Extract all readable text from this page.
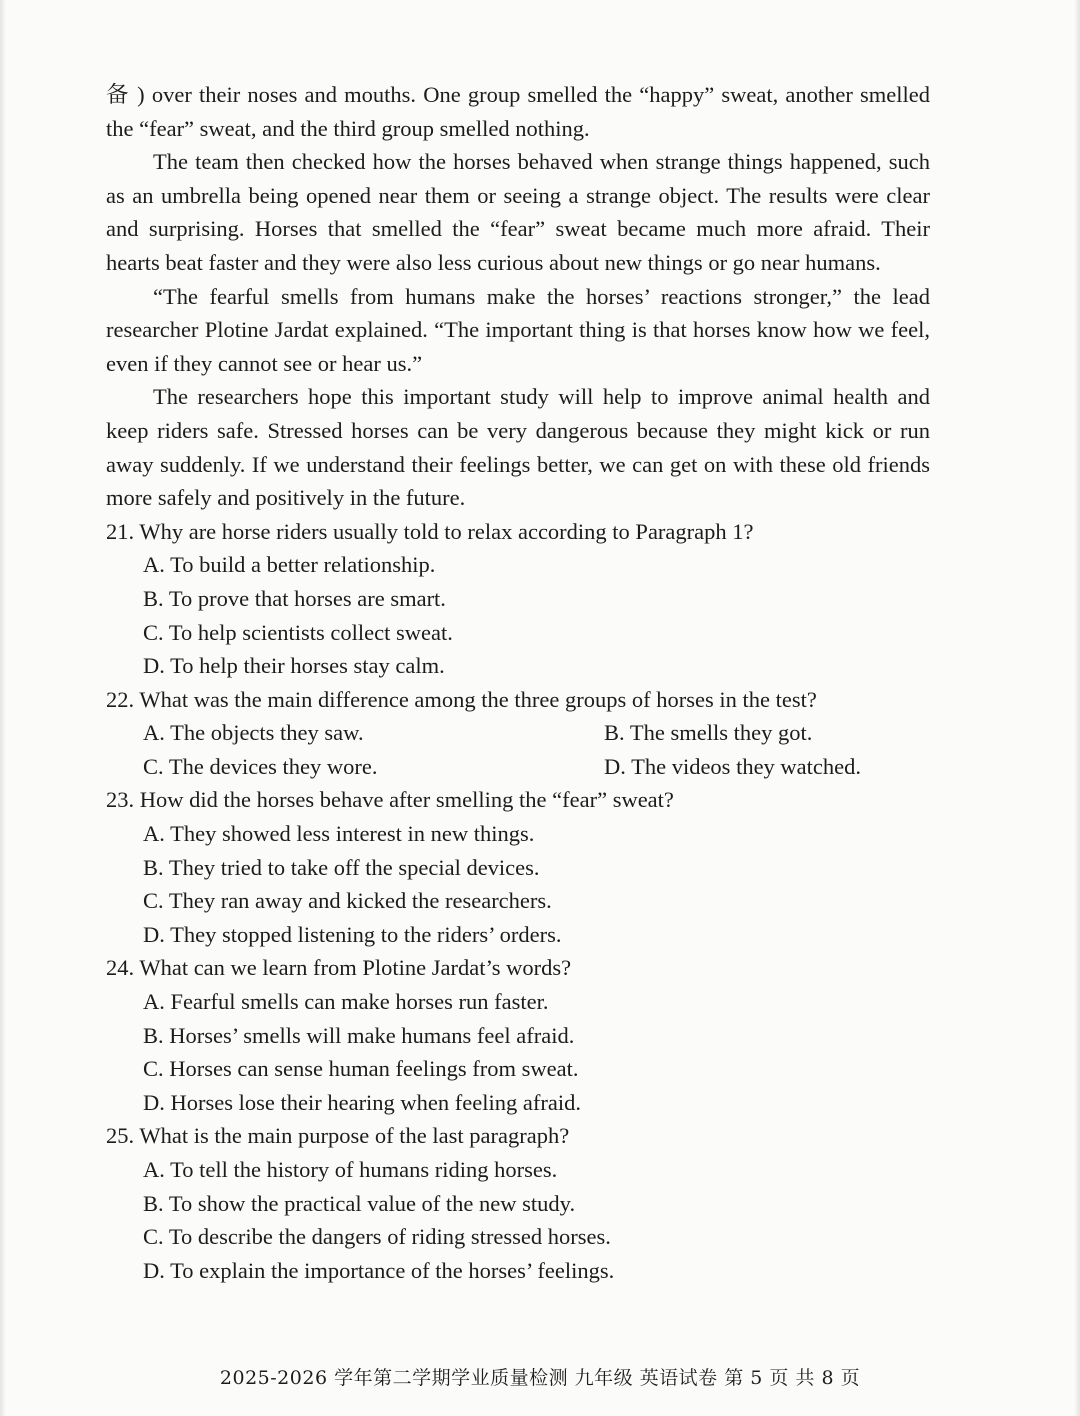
备 ) over their noses and mouths. One group smelled the “happy” sweat, another smelled the “fear” sweat, and the third group smelled nothing.

The team then checked how the horses behaved when strange things happened, such as an umbrella being opened near them or seeing a strange object. The results were clear and surprising. Horses that smelled the “fear” sweat became much more afraid. Their hearts beat faster and they were also less curious about new things or go near humans.

“The fearful smells from humans make the horses’ reactions stronger,” the lead researcher Plotine Jardat explained. “The important thing is that horses know how we feel, even if they cannot see or hear us.”

The researchers hope this important study will help to improve animal health and keep riders safe. Stressed horses can be very dangerous because they might kick or run away suddenly. If we understand their feelings better, we can get on with these old friends more safely and positively in the future.

21. Why are horse riders usually told to relax according to Paragraph 1?
A. To build a better relationship.
B. To prove that horses are smart.
C. To help scientists collect sweat.
D. To help their horses stay calm.
22. What was the main difference among the three groups of horses in the test?
A. The objects they saw.	B. The smells they got.
C. The devices they wore.	D. The videos they watched.
23. How did the horses behave after smelling the “fear” sweat?
A. They showed less interest in new things.
B. They tried to take off the special devices.
C. They ran away and kicked the researchers.
D. They stopped listening to the riders’ orders.
24. What can we learn from Plotine Jardat’s words?
A. Fearful smells can make horses run faster.
B. Horses’ smells will make humans feel afraid.
C. Horses can sense human feelings from sweat.
D. Horses lose their hearing when feeling afraid.
25. What is the main purpose of the last paragraph?
A. To tell the history of humans riding horses.
B. To show the practical value of the new study.
C. To describe the dangers of riding stressed horses.
D. To explain the importance of the horses’ feelings.
2025-2026 学年第二学期学业质量检测 九年级 英语试卷 第 5 页 共 8 页
